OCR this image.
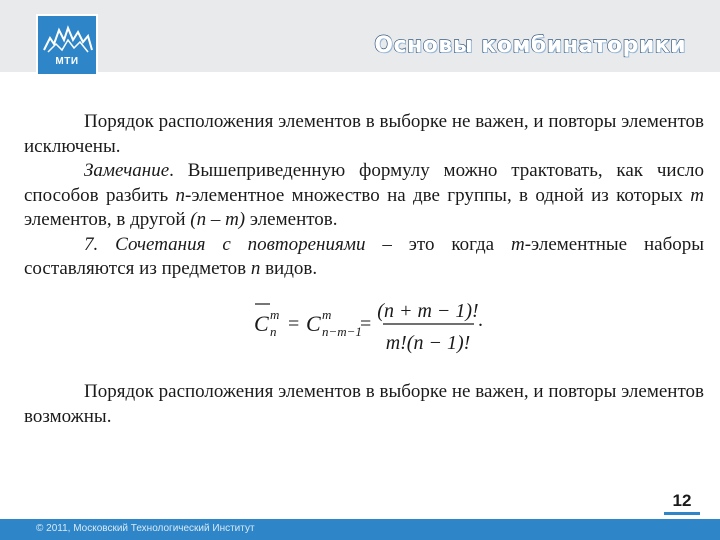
МТИ
Основы комбинаторики

Порядок расположения элементов в выборке не важен, и повторы элементов исключены.

Замечание. Вышеприведенную формулу можно трактовать, как число способов разбить n-элементное множество на две группы, в одной из которых m элементов, в другой (n – m) элементов.

7. Сочетания с повторениями – это когда m-элементные наборы составляются из предметов n видов.

C m
n = C m
n−m−1
=
(n + m − 1)!
m!(n − 1)!
.

Порядок расположения элементов в выборке не важен, и повторы элементов возможны.

12
© 2011, Московский Технологический Институт
